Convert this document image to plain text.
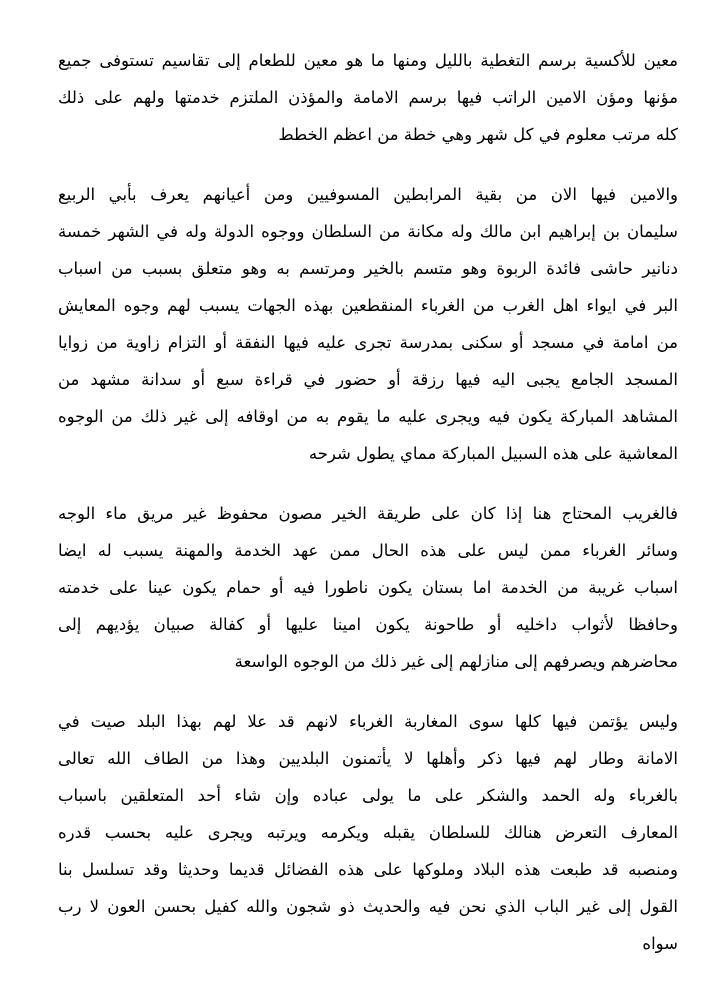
معين للأكسية برسم التغطية بالليل ومنها ما هو معين للطعام إلى تقاسيم تستوفى جميع
مؤنها ومؤن الامين الراتب فيها برسم الامامة والمؤذن الملتزم خدمتها ولهم على ذلك
كله مرتب معلوم في كل شهر وهي خطة من اعظم الخطط
والامين فيها الان من بقية المرابطين المسوفيين ومن أعيانهم يعرف بأبي الربيع
سليمان بن إبراهيم ابن مالك وله مكانة من السلطان ووجوه الدولة وله في الشهر خمسة
دنانير حاشى فائدة الربوة وهو متسم بالخير ومرتسم به وهو متعلق بسبب من اسباب
البر في ايواء اهل الغرب من الغرباء المنقطعين بهذه الجهات يسبب لهم وجوه المعايش
من امامة في مسجد أو سكنى بمدرسة تجرى عليه فيها النفقة أو التزام زاوية من زوايا
المسجد الجامع يجبى اليه فيها رزقة أو حضور في قراءة سبع أو سدانة مشهد من
المشاهد المباركة يكون فيه ويجرى عليه ما يقوم به من اوقافه إلى غير ذلك من الوجوه
المعاشية على هذه السبيل المباركة مماي يطول شرحه
فالغريب المحتاج هنا إذا كان على طريقة الخير مصون محفوظ غير مريق ماء الوجه
وسائر الغرباء ممن ليس على هذه الحال ممن عهد الخدمة والمهنة يسبب له ايضا
اسباب غريبة من الخدمة اما بستان يكون ناطورا فيه أو حمام يكون عينا على خدمته
وحافظا لأثواب داخليه أو طاحونة يكون امينا عليها أو كفالة صبيان يؤديهم إلى
محاضرهم ويصرفهم إلى منازلهم إلى غير ذلك من الوجوه الواسعة
وليس يؤتمن فيها كلها سوى المغاربة الغرباء لانهم قد علا لهم بهذا البلد صيت في
الامانة وطار لهم فيها ذكر وأهلها لا يأتمنون البلديين وهذا من الطاف الله تعالى
بالغرباء وله الحمد والشكر على ما يولى عباده وإن شاء أحد المتعلقين باسباب
المعارف التعرض هنالك للسلطان يقبله ويكرمه ويرتبه ويجرى عليه بحسب قدره
ومنصبه قد طبعت هذه البلاد وملوكها على هذه الفضائل قديما وحديثا وقد تسلسل بنا
القول إلى غير الباب الذي نحن فيه والحديث ذو شجون والله كفيل بحسن العون لا رب
سواه
